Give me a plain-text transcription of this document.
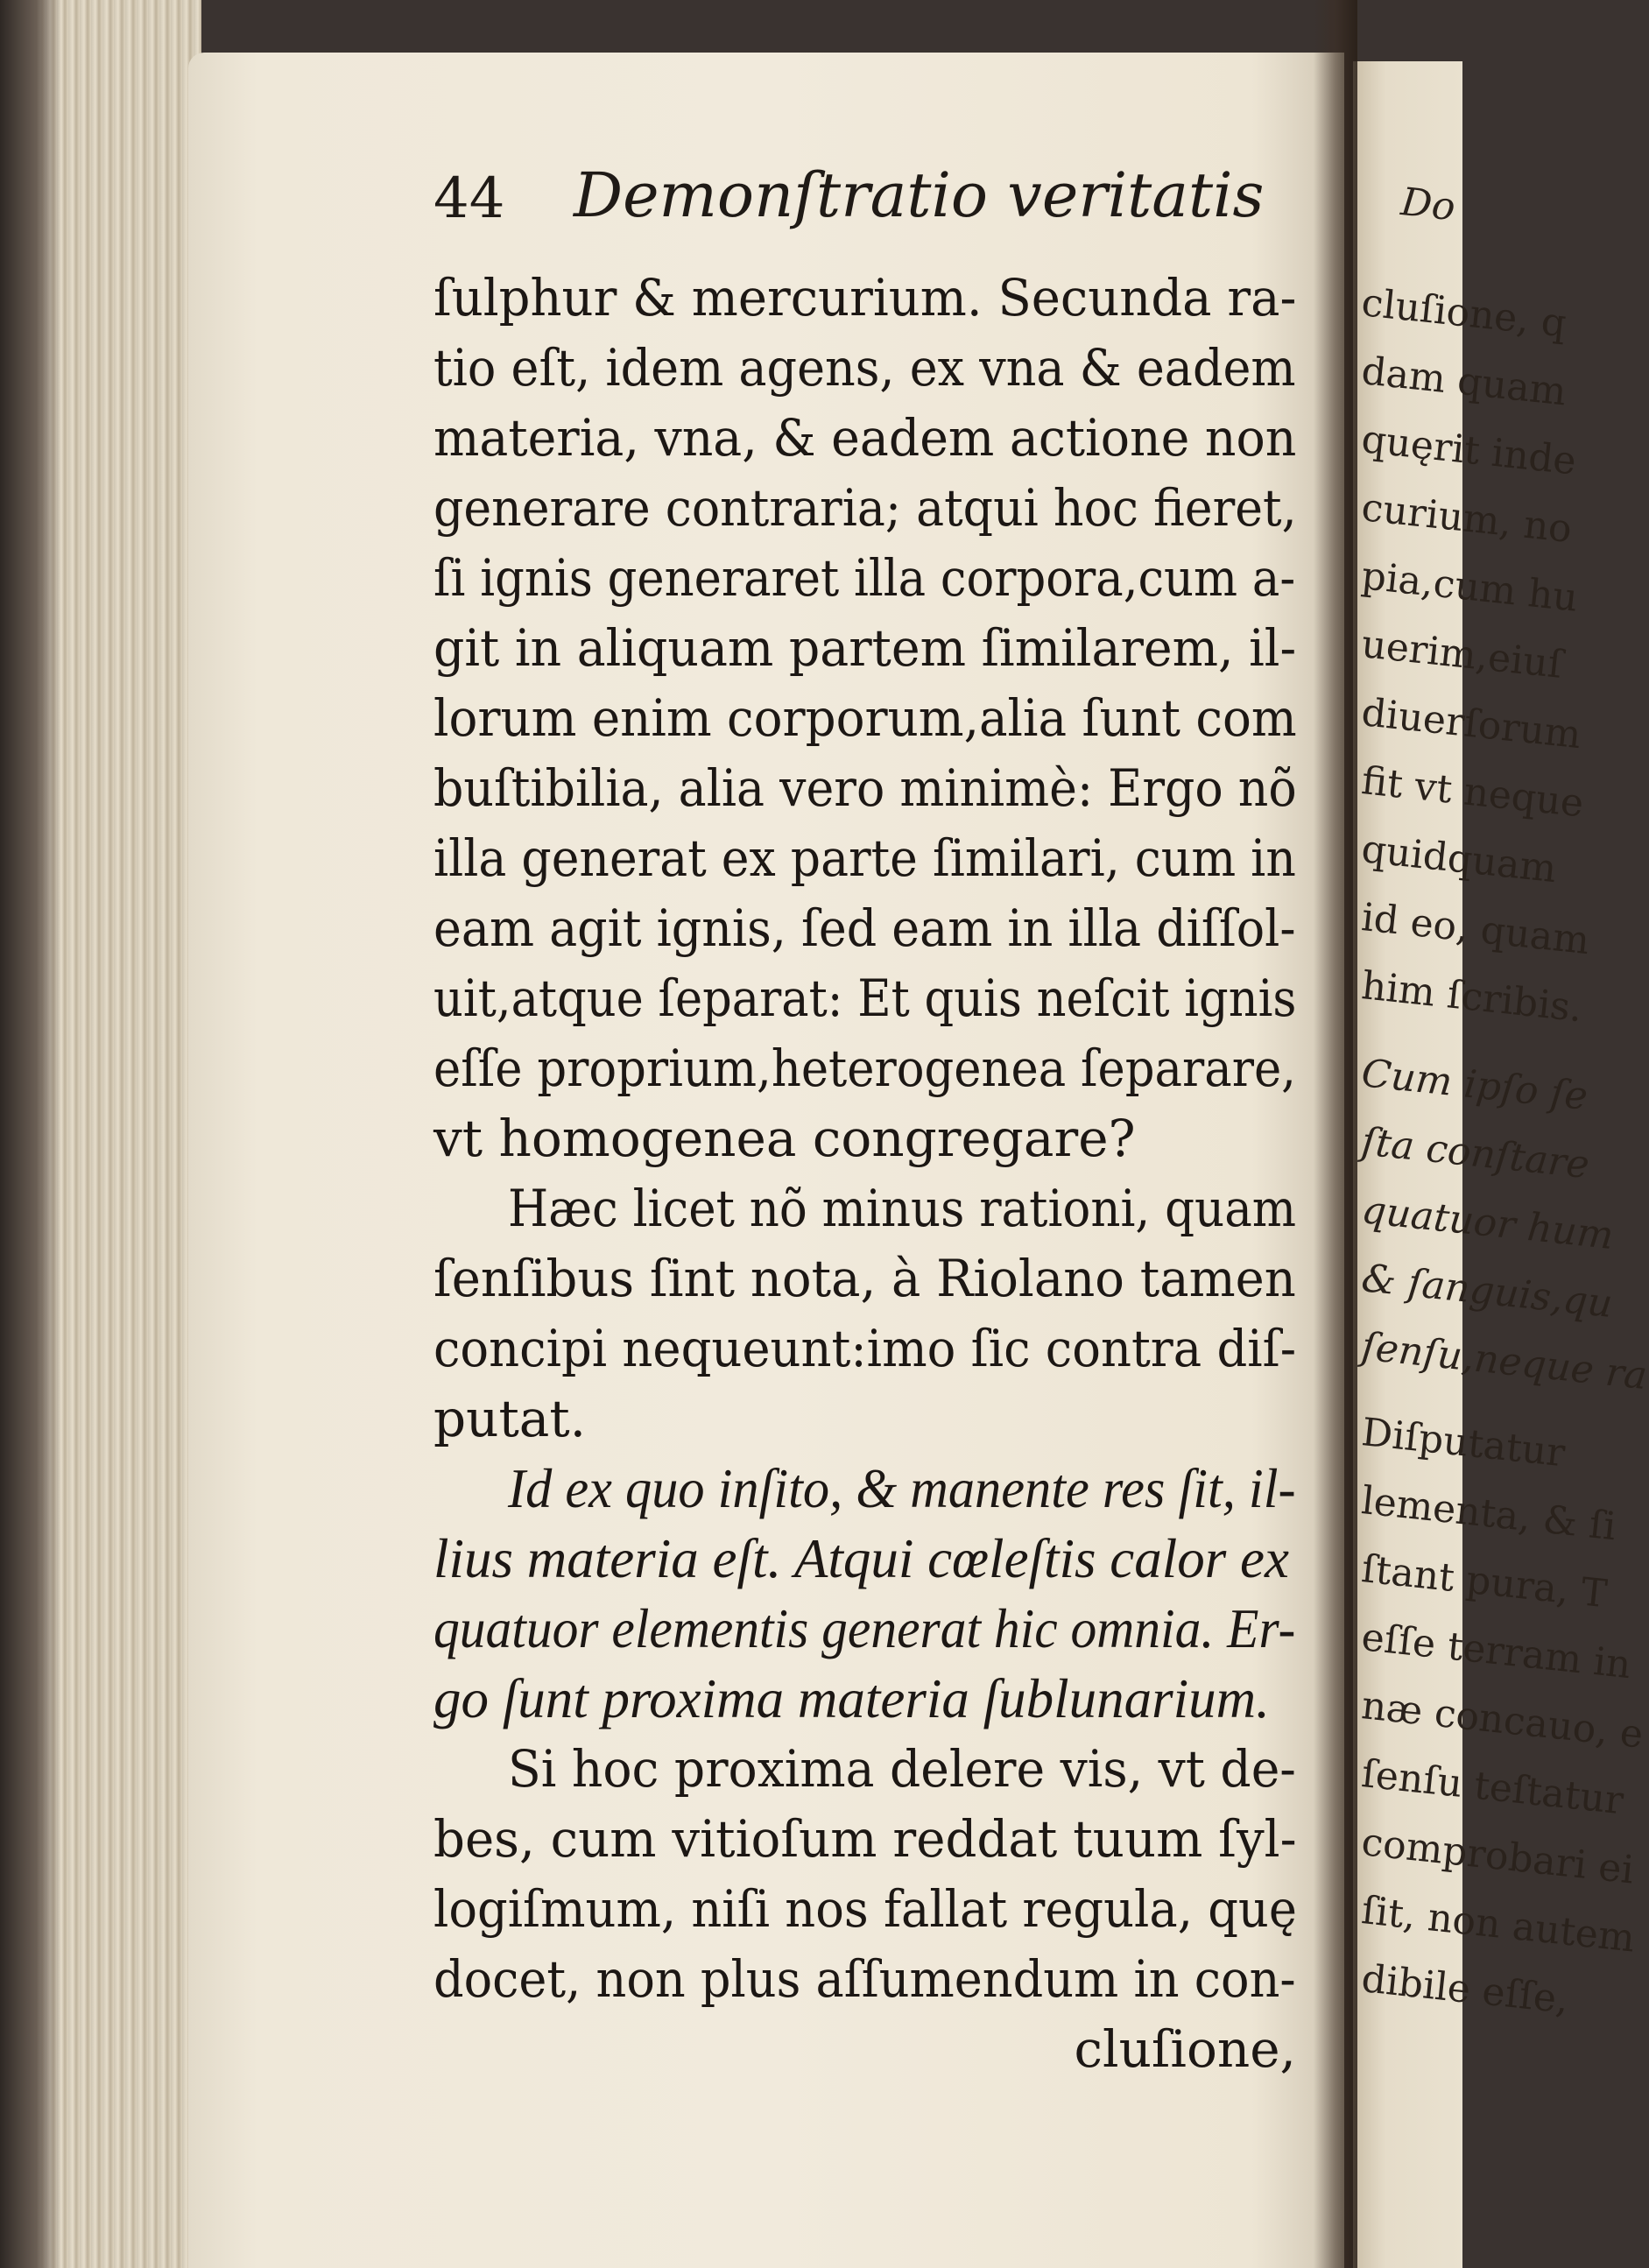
Do
cluſione, q
dam quam
quęrit inde
curium, no
pia,cum hu
uerim,eiuſ
diuerſorum
fit vt neque
quidquam
id eo, quam
him ſcribis.
Cum ipſo ſe
ſta conſtare
quatuor hum
& ſanguis,qu
ſenſu,neque ra
Diſputatur
lementa, & ſi
ſtant pura, T
eſſe terram in
næ concauo, e
ſenſu teſtatur
comprobari ei
ſit, non autem
dibile eſſe,
44 Demonſtratio veritatis
ſulphur & mercurium. Secunda ra-
tio eſt, idem agens, ex vna & eadem
materia, vna, & eadem actione non
generare contraria; atqui hoc fieret,
ſi ignis generaret illa corpora,cum a-
git in aliquam partem ſimilarem, il-
lorum enim corporum,alia ſunt com
buſtibilia, alia vero minimè: Ergo nõ
illa generat ex parte ſimilari, cum in
eam agit ignis, ſed eam in illa diſſol-
uit,atque ſeparat: Et quis neſcit ignis
eſſe proprium,heterogenea ſeparare,
vt homogenea congregare?
Hæc licet nõ minus rationi, quam
ſenſibus ſint nota, à Riolano tamen
concipi nequeunt:imo ſic contra diſ-
putat.
Id ex quo inſito, & manente res ſit, il-
lius materia eſt. Atqui cœleſtis calor ex
quatuor elementis generat hic omnia. Er-
go ſunt proxima materia ſublunarium.
Si hoc proxima delere vis, vt de-
bes, cum vitioſum reddat tuum ſyl-
logiſmum, niſi nos fallat regula, quę
docet, non plus aſſumendum in con-
cluſione,
